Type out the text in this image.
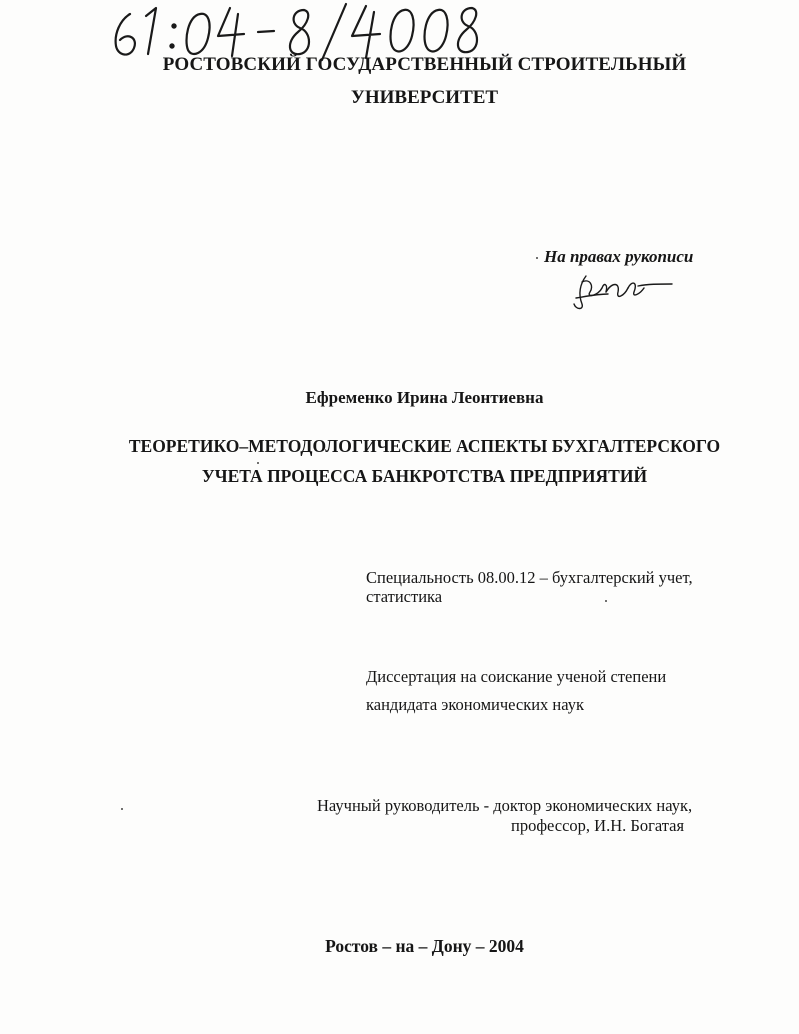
РОСТОВСКИЙ ГОСУДАРСТВЕННЫЙ СТРОИТЕЛЬНЫЙ
УНИВЕРСИТЕТ
На правах рукописи
Ефременко Ирина Леонтиевна
ТЕОРЕТИКО–МЕТОДОЛОГИЧЕСКИЕ АСПЕКТЫ БУХГАЛТЕРСКОГО
УЧЕТА ПРОЦЕССА БАНКРОТСТВА ПРЕДПРИЯТИЙ
Специальность 08.00.12 – бухгалтерский учет,
статистика
Диссертация на соискание ученой степени
кандидата экономических наук
Научный руководитель - доктор экономических наук,
профессор, И.Н. Богатая
Ростов – на – Дону – 2004
